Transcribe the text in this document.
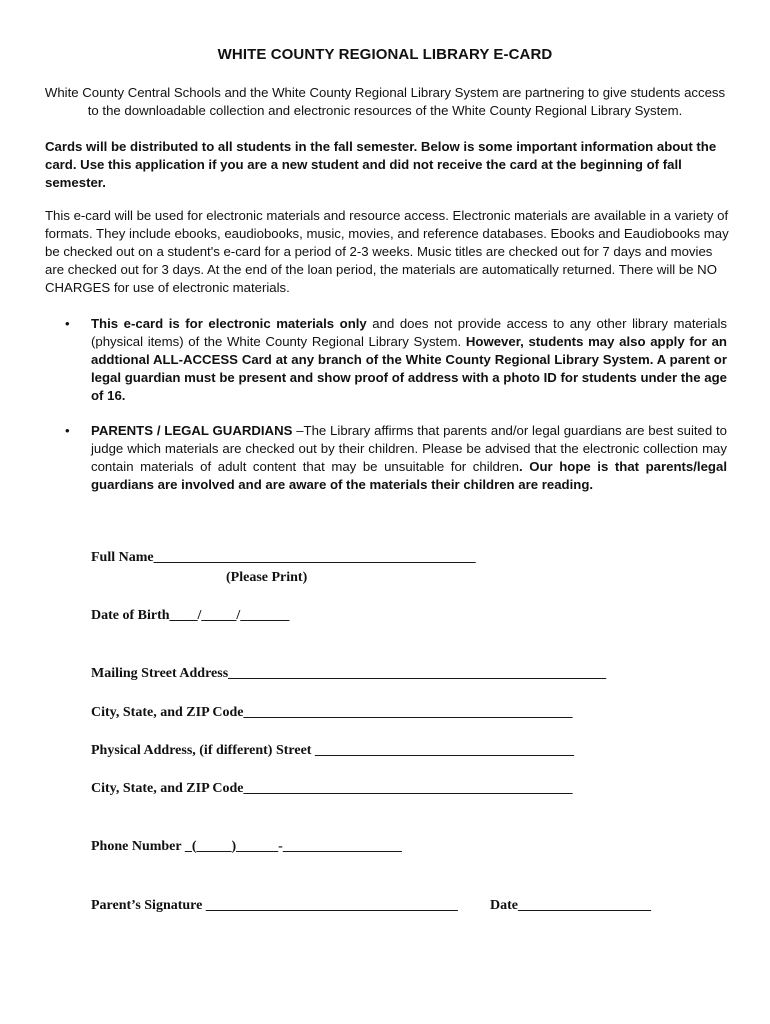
WHITE COUNTY REGIONAL LIBRARY E-CARD
White County Central Schools and the White County Regional Library System are partnering to give students access to the downloadable collection and electronic resources of the White County Regional Library System.
Cards will be distributed to all students in the fall semester. Below is some important information about the card. Use this application if you are a new student and did not receive the card at the beginning of fall semester.
This e-card will be used for electronic materials and resource access. Electronic materials are available in a variety of formats. They include ebooks, eaudiobooks, music, movies, and reference databases. Ebooks and Eaudiobooks may be checked out on a student's e-card for a period of 2-3 weeks. Music titles are checked out for 7 days and movies are checked out for 3 days. At the end of the loan period, the materials are automatically returned. There will be NO CHARGES for use of electronic materials.
• This e-card is for electronic materials only and does not provide access to any other library materials (physical items) of the White County Regional Library System. However, students may also apply for an addtional ALL-ACCESS Card at any branch of the White County Regional Library System. A parent or legal guardian must be present and show proof of address with a photo ID for students under the age of 16.
• PARENTS / LEGAL GUARDIANS –The Library affirms that parents and/or legal guardians are best suited to judge which materials are checked out by their children. Please be advised that the electronic collection may contain materials of adult content that may be unsuitable for children. Our hope is that parents/legal guardians are involved and are aware of the materials their children are reading.
Full Name______________________________________________
(Please Print)
Date of Birth____/_____/_______
Mailing Street Address______________________________________________________
City, State, and ZIP Code_______________________________________________
Physical Address, (if different) Street _____________________________________
City, State, and ZIP Code_______________________________________________
Phone Number _(_____)______-_________________
Parent’s Signature ____________________________________ Date___________________
